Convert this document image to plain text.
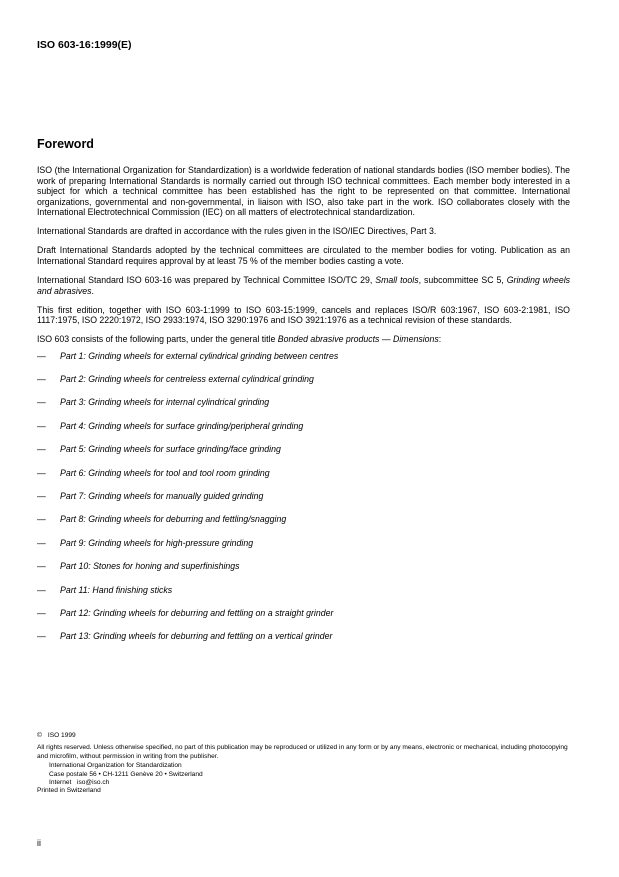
ISO 603-16:1999(E)
Foreword

ISO (the International Organization for Standardization) is a worldwide federation of national standards bodies (ISO member bodies). The work of preparing International Standards is normally carried out through ISO technical committees. Each member body interested in a subject for which a technical committee has been established has the right to be represented on that committee. International organizations, governmental and non-governmental, in liaison with ISO, also take part in the work. ISO collaborates closely with the International Electrotechnical Commission (IEC) on all matters of electrotechnical standardization.

International Standards are drafted in accordance with the rules given in the ISO/IEC Directives, Part 3.

Draft International Standards adopted by the technical committees are circulated to the member bodies for voting. Publication as an International Standard requires approval by at least 75 % of the member bodies casting a vote.

International Standard ISO 603-16 was prepared by Technical Committee ISO/TC 29, Small tools, subcommittee SC 5, Grinding wheels and abrasives.

This first edition, together with ISO 603-1:1999 to ISO 603-15:1999, cancels and replaces ISO/R 603:1967, ISO 603-2:1981, ISO 1117:1975, ISO 2220:1972, ISO 2933:1974, ISO 3290:1976 and ISO 3921:1976 as a technical revision of these standards.

ISO 603 consists of the following parts, under the general title Bonded abrasive products — Dimensions:

— Part 1: Grinding wheels for external cylindrical grinding between centres
— Part 2: Grinding wheels for centreless external cylindrical grinding
— Part 3: Grinding wheels for internal cylindrical grinding
— Part 4: Grinding wheels for surface grinding/peripheral grinding
— Part 5: Grinding wheels for surface grinding/face grinding
— Part 6: Grinding wheels for tool and tool room grinding
— Part 7: Grinding wheels for manually guided grinding
— Part 8: Grinding wheels for deburring and fettling/snagging
— Part 9: Grinding wheels for high-pressure grinding
— Part 10: Stones for honing and superfinishings
— Part 11: Hand finishing sticks
— Part 12: Grinding wheels for deburring and fettling on a straight grinder
— Part 13: Grinding wheels for deburring and fettling on a vertical grinder
© ISO 1999
All rights reserved. Unless otherwise specified, no part of this publication may be reproduced or utilized in any form or by any means, electronic or mechanical, including photocopying and microfilm, without permission in writing from the publisher.
International Organization for Standardization
Case postale 56 • CH-1211 Genève 20 • Switzerland
Internet iso@iso.ch
Printed in Switzerland
ii
